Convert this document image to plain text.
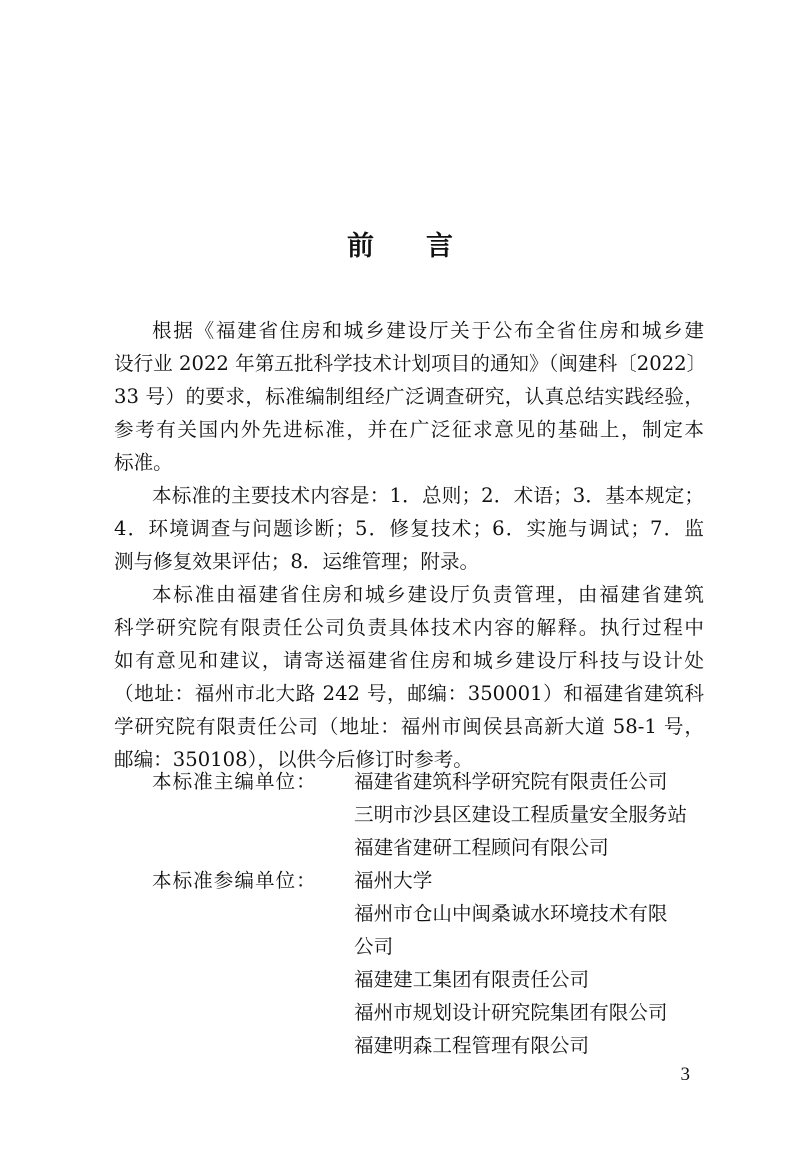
前 言
根据《福建省住房和城乡建设厅关于公布全省住房和城乡建
设行业 2022 年第五批科学技术计划项目的通知》（闽建科〔2022〕
33 号）的要求，标准编制组经广泛调查研究，认真总结实践经验，
参考有关国内外先进标准，并在广泛征求意见的基础上，制定本
标准。
本标准的主要技术内容是：1．总则；2．术语；3．基本规定；
4．环境调查与问题诊断；5．修复技术；6．实施与调试；7．监
测与修复效果评估；8．运维管理；附录。
本标准由福建省住房和城乡建设厅负责管理，由福建省建筑
科学研究院有限责任公司负责具体技术内容的解释。执行过程中
如有意见和建议，请寄送福建省住房和城乡建设厅科技与设计处
（地址：福州市北大路 242 号，邮编：350001）和福建省建筑科
学研究院有限责任公司（地址：福州市闽侯县高新大道 58-1 号，
邮编：350108），以供今后修订时参考。
本标准主编单位：	福建省建筑科学研究院有限责任公司
三明市沙县区建设工程质量安全服务站
福建省建研工程顾问有限公司
本标准参编单位：	福州大学
福州市仓山中闽桑诚水环境技术有限
公司
福建建工集团有限责任公司
福州市规划设计研究院集团有限公司
福建明森工程管理有限公司
3
